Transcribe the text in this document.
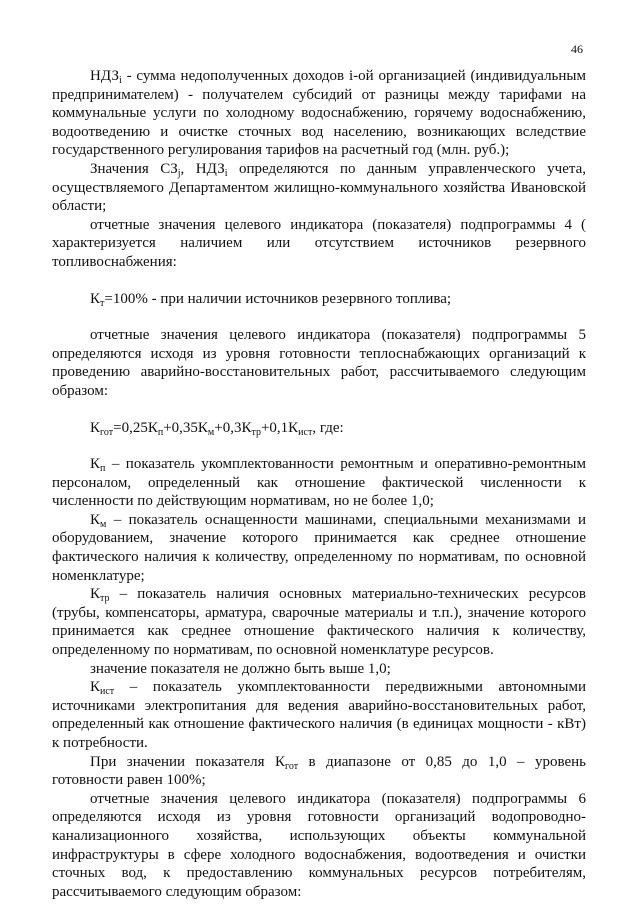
46

$НДЗ_i$ - сумма недополученных доходов i-ой организацией (индивидуальным предпринимателем) - получателем субсидий от разницы между тарифами на коммунальные услуги по холодному водоснабжению, горячему водоснабжению, водоотведению и очистке сточных вод населению, возникающих вследствие государственного регулирования тарифов на расчетный год (млн. руб.);

Значения $СЗ_j$, $НДЗ_i$ определяются по данным управленческого учета, осуществляемого Департаментом жилищно-коммунального хозяйства Ивановской области;

отчетные значения целевого индикатора (показателя) подпрограммы 4 ( характеризуется наличием или отсутствием источников резервного топливоснабжения:

$К_т=100\%$ - при наличии источников резервного топлива;

отчетные значения целевого индикатора (показателя) подпрограммы 5 определяются исходя из уровня готовности теплоснабжающих организаций к проведению аварийно-восстановительных работ, рассчитываемого следующим образом:

$К_{гот}=0,25К_п+0,35К_м+0,3К_{тр}+0,1К_{ист}$, где:

$К_п$ – показатель укомплектованности ремонтным и оперативно-ремонтным персоналом, определенный как отношение фактической численности к численности по действующим нормативам, но не более 1,0;

$К_м$ – показатель оснащенности машинами, специальными механизмами и оборудованием, значение которого принимается как среднее отношение фактического наличия к количеству, определенному по нормативам, по основной номенклатуре;

$К_{тр}$ – показатель наличия основных материально-технических ресурсов (трубы, компенсаторы, арматура, сварочные материалы и т.п.), значение которого принимается как среднее отношение фактического наличия к количеству, определенному по нормативам, по основной номенклатуре ресурсов.

значение показателя не должно быть выше 1,0;

$К_{ист}$ – показатель укомплектованности передвижными автономными источниками электропитания для ведения аварийно-восстановительных работ, определенный как отношение фактического наличия (в единицах мощности - кВт) к потребности.

При значении показателя $К_{гот}$ в диапазоне от 0,85 до 1,0 – уровень готовности равен 100%;

отчетные значения целевого индикатора (показателя) подпрограммы 6 определяются исходя из уровня готовности организаций водопроводно-канализационного хозяйства, использующих объекты коммунальной инфраструктуры в сфере холодного водоснабжения, водоотведения и очистки сточных вод, к предоставлению коммунальных ресурсов потребителям, рассчитываемого следующим образом:
